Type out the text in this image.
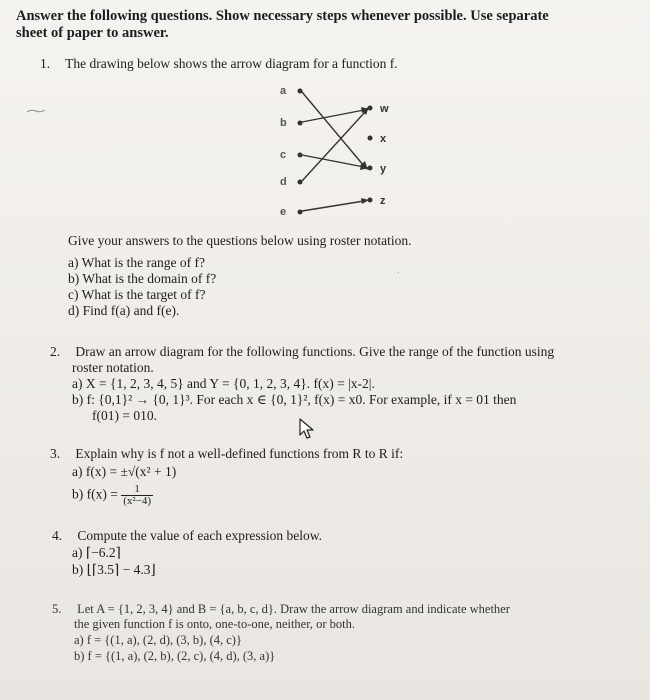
Answer the following questions. Show necessary steps whenever possible. Use separate
sheet of paper to answer.
1. The drawing below shows the arrow diagram for a function f.
a
b
c
d
e
w
x
y
z
Give your answers to the questions below using roster notation.
∙
a) What is the range of f?
b) What is the domain of f?
c) What is the target of f?
d) Find f(a) and f(e).
2. Draw an arrow diagram for the following functions. Give the range of the function using
roster notation.
a) X = {1, 2, 3, 4, 5} and Y = {0, 1, 2, 3, 4}. f(x) = |x-2|.
b) f: {0,1}² → {0, 1}³. For each x ∈ {0, 1}², f(x) = x0. For example, if x = 01 then
f(01) = 010.
3. Explain why is f not a well-defined functions from R to R if:
a) f(x) = ±√(x² + 1)
b) $f(x) = \frac{1}{\text{(x²−4)}}$
4. Compute the value of each expression below.
a) ⌈−6.2⌉
b) ⌊⌈3.5⌉ − 4.3⌋
5. Let A = {1, 2, 3, 4} and B = {a, b, c, d}. Draw the arrow diagram and indicate whether
the given function f is onto, one-to-one, neither, or both.
a) f = {(1, a), (2, d), (3, b), (4, c)}
b) f = {(1, a), (2, b), (2, c), (4, d), (3, a)}
